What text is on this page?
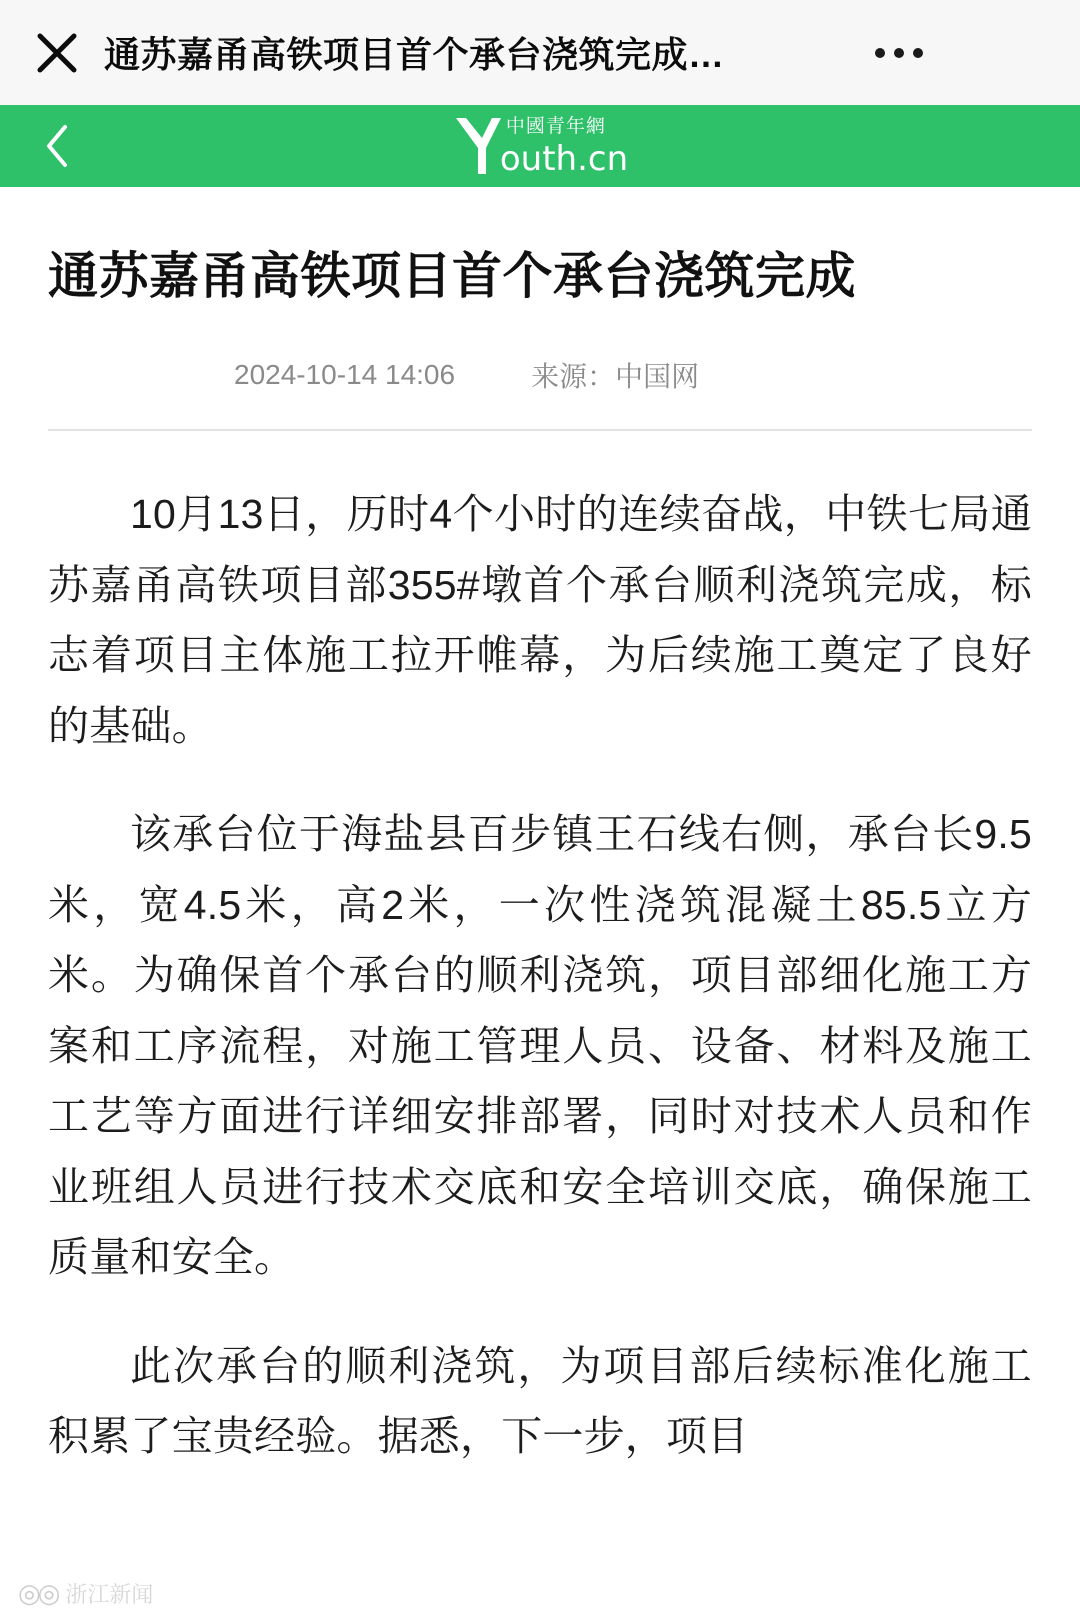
通苏嘉甬高铁项目首个承台浇筑完成…
中國青年網
outh.cn
通苏嘉甬高铁项目首个承台浇筑完成
2024-10-14 14:06	来源： 中国网

10月13日，历时4个小时的连续奋战，中铁七局通苏嘉甬高铁项目部355#墩首个承台顺利浇筑完成，标志着项目主体施工拉开帷幕，为后续施工奠定了良好的基础。

该承台位于海盐县百步镇王石线右侧，承台长9.5米，宽4.5米，高2米，一次性浇筑混凝土85.5立方米。为确保首个承台的顺利浇筑，项目部细化施工方案和工序流程，对施工管理人员、设备、材料及施工工艺等方面进行详细安排部署，同时对技术人员和作业班组人员进行技术交底和安全培训交底，确保施工质量和安全。

此次承台的顺利浇筑，为项目部后续标准化施工积累了宝贵经验。据悉，下一步，项目

◎◎ 浙江新闻
